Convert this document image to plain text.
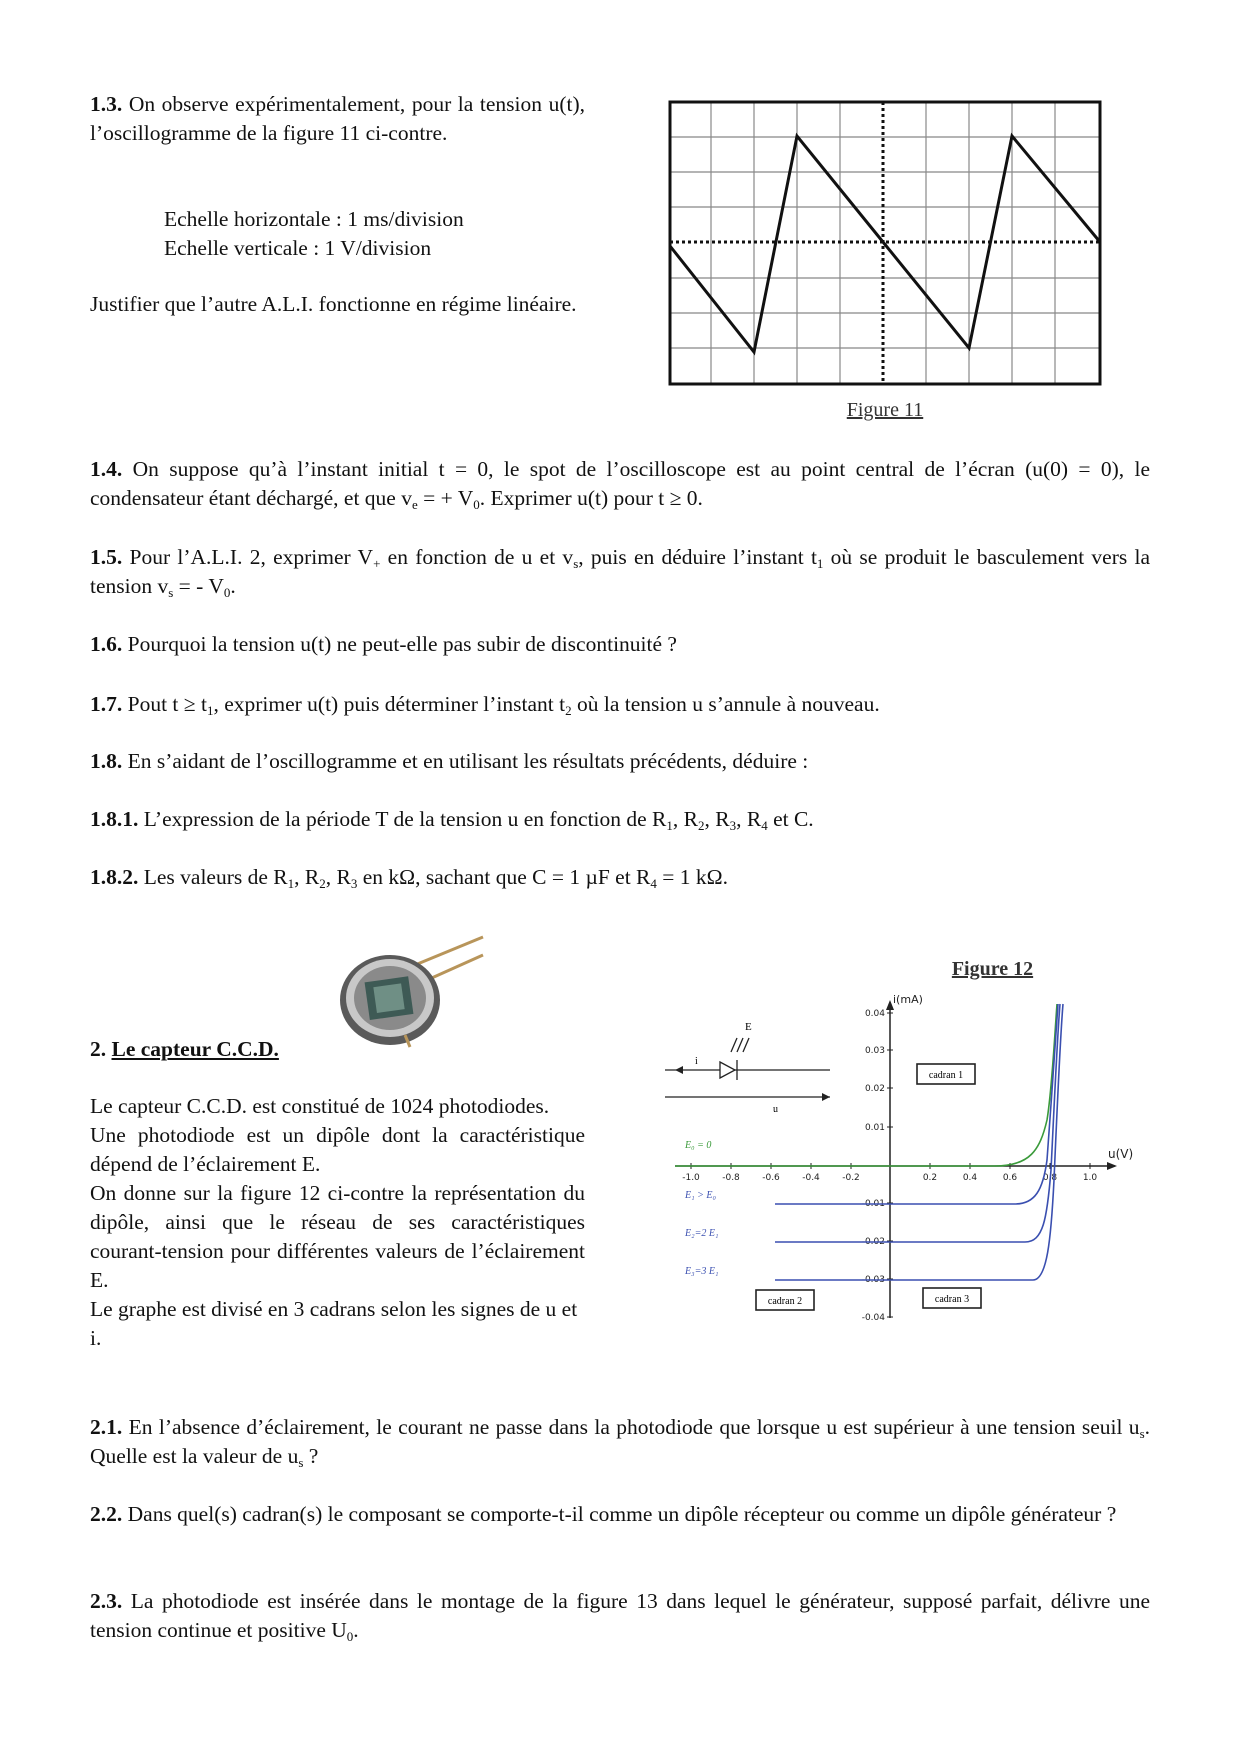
1.3. On observe expérimentalement, pour la tension u(t), l’oscillogramme de la figure 11 ci-contre.
Echelle horizontale : 1 ms/division
Echelle verticale : 1 V/division
Justifier que l’autre A.L.I. fonctionne en régime linéaire.
Figure 11
1.4. On suppose qu’à l’instant initial t = 0, le spot de l’oscilloscope est au point central de l’écran (u(0) = 0), le condensateur étant déchargé, et que $v_e$ = + $V_0$. Exprimer u(t) pour t ≥ 0.
1.5. Pour l’A.L.I. 2, exprimer $V_+$ en fonction de u et $v_s$, puis en déduire l’instant $t_1$ où se produit le basculement vers la tension $v_s$ = - $V_0$.
1.6. Pourquoi la tension u(t) ne peut-elle pas subir de discontinuité ?
1.7. Pout $t \ge t_1$, exprimer u(t) puis déterminer l’instant $t_2$ où la tension u s’annule à nouveau.
1.8. En s’aidant de l’oscillogramme et en utilisant les résultats précédents, déduire :
1.8.1. L’expression de la période T de la tension u en fonction de $R_1$, $R_2$, $R_3$, $R_4$ et C.
1.8.2. Les valeurs de $R_1$, $R_2$, $R_3$ en kΩ, sachant que C = 1 µF et $R_4 = 1$ kΩ.
2. Le capteur C.C.D.
Le capteur C.C.D. est constitué de 1024 photodiodes.
Une photodiode est un dipôle dont la caractéristique dépend de l’éclairement E.
On donne sur la figure 12 ci-contre la représentation du dipôle, ainsi que le réseau de ses caractéristiques courant-tension pour différentes valeurs de l’éclairement E.
Le graphe est divisé en 3 cadrans selon les signes de u et i.
Figure 12
i(mA)
u(V)
0.04
0.03
0.02
0.01
-0.01
-0.02
-0.03
-0.04
-1.0 -0.8 -0.6 -0.4 -0.2	0.2	0.4	0.6	0.8	1.0
E₀ = 0
E₁ > E₀
E₂=2 E₁
E₃=3 E₁
cadran 1
cadran 2	cadran 3
E
i
u
2.1. En l’absence d’éclairement, le courant ne passe dans la photodiode que lorsque u est supérieur à une tension seuil $u_s$. Quelle est la valeur de $u_s$ ?
2.2. Dans quel(s) cadran(s) le composant se comporte-t-il comme un dipôle récepteur ou comme un dipôle générateur ?
2.3. La photodiode est insérée dans le montage de la figure 13 dans lequel le générateur, supposé parfait, délivre une tension continue et positive $U_0$.
